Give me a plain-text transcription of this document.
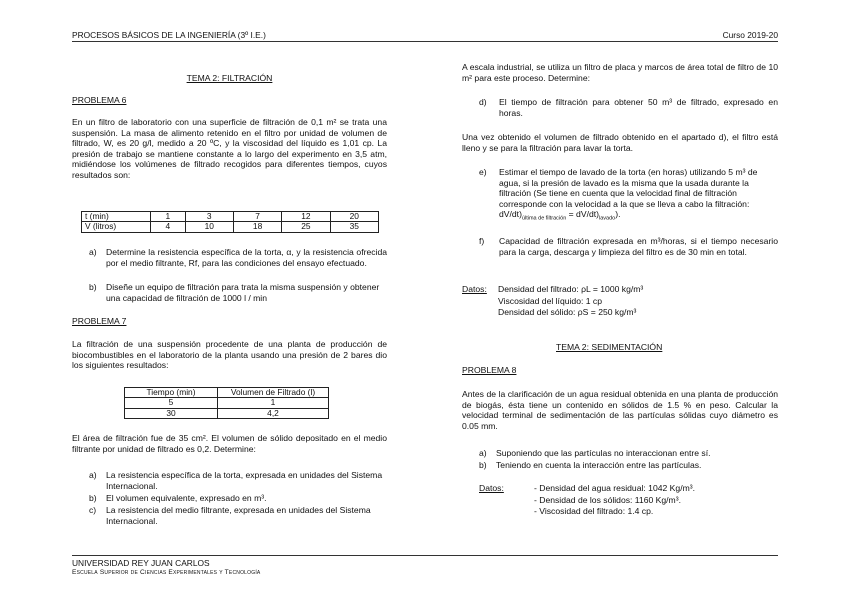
PROCESOS BÁSICOS DE LA INGENIERÍA (3º I.E.)	Curso 2019-20

TEMA 2: FILTRACIÓN

PROBLEMA 6

En un filtro de laboratorio con una superficie de filtración de 0,1 m² se trata una suspensión. La masa de alimento retenido en el filtro por unidad de volumen de filtrado, W, es 20 g/l, medido a 20 ºC, y la viscosidad del líquido es 1,01 cp. La presión de trabajo se mantiene constante a lo largo del experimento en 3,5 atm, midiéndose los volúmenes de filtrado recogidos para diferentes tiempos, cuyos resultados son:

t (min)	1	3	7	12	20
V (litros)	4	10	18	25	35
a) Determine la resistencia específica de la torta, α, y la resistencia ofrecida por el medio filtrante, Rf, para las condiciones del ensayo efectuado.
b) Diseñe un equipo de filtración para trata la misma suspensión y obtener una capacidad de filtración de 1000 l / min

PROBLEMA 7

La filtración de una suspensión procedente de una planta de producción de biocombustibles en el laboratorio de la planta usando una presión de 2 bares dio los siguientes resultados:

Tiempo (min)	Volumen de Filtrado (l)
5	1
30	4,2

El área de filtración fue de 35 cm². El volumen de sólido depositado en el medio filtrante por unidad de filtrado es 0,2. Determine:

a) La resistencia específica de la torta, expresada en unidades del Sistema Internacional.
b) El volumen equivalente, expresado en m³.
c) La resistencia del medio filtrante, expresada en unidades del Sistema Internacional.

A escala industrial, se utiliza un filtro de placa y marcos de área total de filtro de 10 m² para este proceso. Determine:

d) El tiempo de filtración para obtener 50 m³ de filtrado, expresado en horas.

Una vez obtenido el volumen de filtrado obtenido en el apartado d), el filtro está lleno y se para la filtración para lavar la torta.

e) Estimar el tiempo de lavado de la torta (en horas) utilizando 5 m³ de agua, si la presión de lavado es la misma que la usada durante la filtración (Se tiene en cuenta que la velocidad final de filtración corresponde con la velocidad a la que se lleva a cabo la filtración: $dV/dt)_{última de filtración} = dV/dt)_{lavado}$).
f) Capacidad de filtración expresada en m³/horas, si el tiempo necesario para la carga, descarga y limpieza del filtro es de 30 min en total.

Datos: Densidad del filtrado: ρL = 1000 kg/m³

Viscosidad del líquido: 1 cp

Densidad del sólido: ρS = 250 kg/m³

TEMA 2: SEDIMENTACIÓN

PROBLEMA 8

Antes de la clarificación de un agua residual obtenida en una planta de producción de biogás, ésta tiene un contenido en sólidos de 1.5 % en peso. Calcular la velocidad terminal de sedimentación de las partículas sólidas cuyo diámetro es 0.05 mm.

a) Suponiendo que las partículas no interaccionan entre sí.
b) Teniendo en cuenta la interacción entre las partículas.

Datos:	- Densidad del agua residual: 1042 Kg/m³.

- Densidad de los sólidos: 1160 Kg/m³.

- Viscosidad del filtrado: 1.4 cp.

UNIVERSIDAD REY JUAN CARLOS
Escuela Superior de Ciencias Experimentales y Tecnología
